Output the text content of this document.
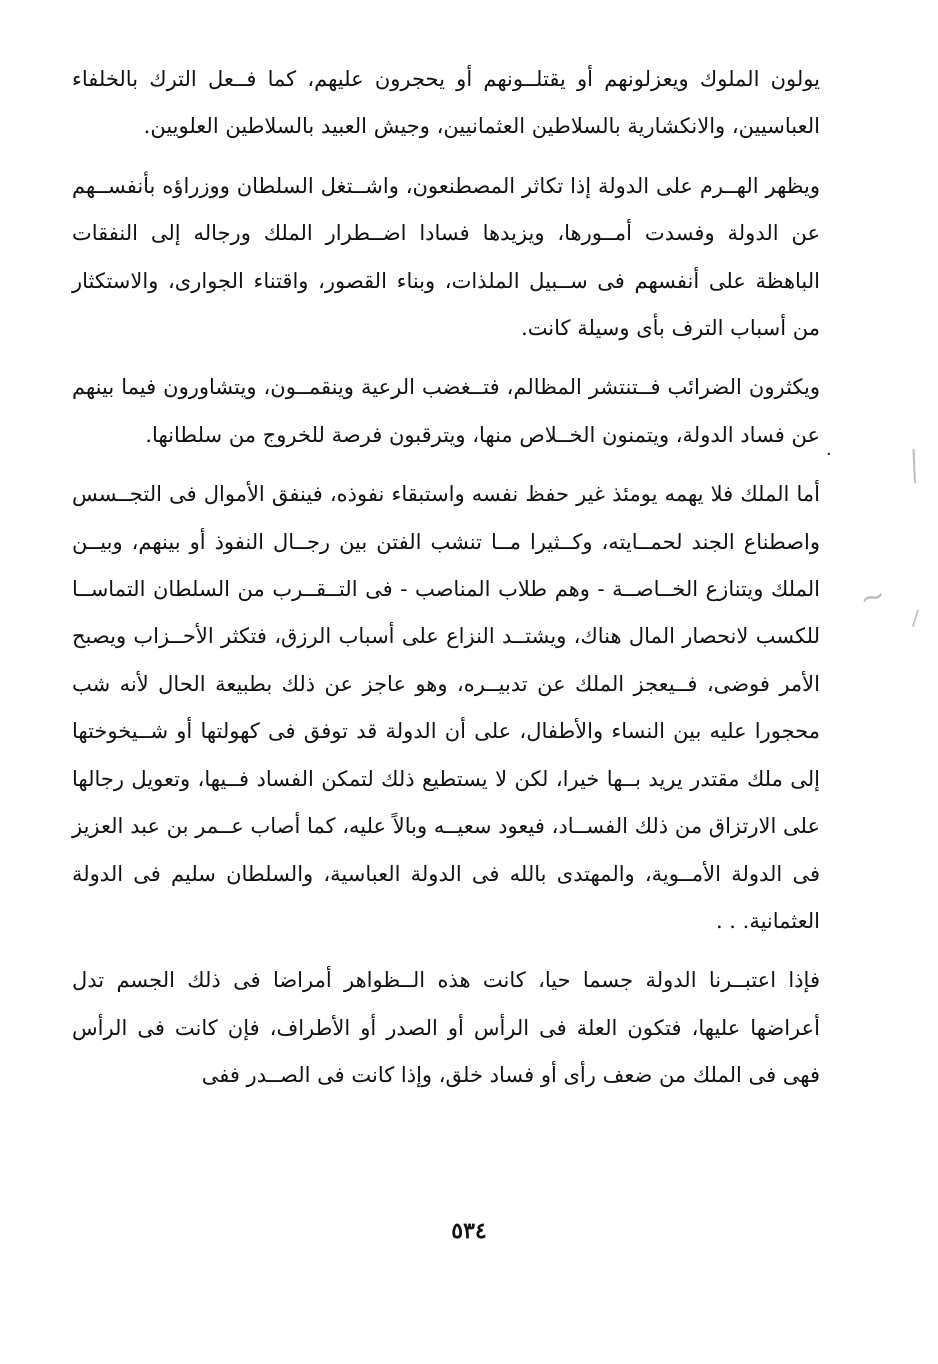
يولون الملوك ويعزلونهم أو يقتلــونهم أو يحجرون عليهم، كما فــعل الترك بالخلفاء العباسيين، والانكشارية بالسلاطين العثمانيين، وجيش العبيد بالسلاطين العلويين.

ويظهر الهــرم على الدولة إذا تكاثر المصطنعون، واشــتغل السلطان ووزراؤه بأنفســهم عن الدولة وفسدت أمــورها، ويزيدها فسادا اضــطرار الملك ورجاله إلى النفقات الباهظة على أنفسهم فى ســبيل الملذات، وبناء القصور، واقتناء الجوارى، والاستكثار من أسباب الترف بأى وسيلة كانت.

ويكثرون الضرائب فــتنتشر المظالم، فتــغضب الرعية وينقمــون، ويتشاورون فيما بينهم عن فساد الدولة، ويتمنون الخــلاص منها، ويترقبون فرصة للخروج من سلطانها.

أما الملك فلا يهمه يومئذ غير حفظ نفسه واستبقاء نفوذه، فينفق الأموال فى التجــسس واصطناع الجند لحمــايته، وكــثيرا مــا تنشب الفتن بين رجــال النفوذ أو بينهم، وبيــن الملك ويتنازع الخــاصــة - وهم طلاب المناصب - فى التــقــرب من السلطان التماســا للكسب لانحصار المال هناك، ويشتــد النزاع على أسباب الرزق، فتكثر الأحــزاب ويصبح الأمر فوضى، فــيعجز الملك عن تدبيــره، وهو عاجز عن ذلك بطبيعة الحال لأنه شب محجورا عليه بين النساء والأطفال، على أن الدولة قد توفق فى كهولتها أو شــيخوختها إلى ملك مقتدر يريد بــها خيرا، لكن لا يستطيع ذلك لتمكن الفساد فــيها، وتعويل رجالها على الارتزاق من ذلك الفســاد، فيعود سعيــه وبالاً عليه، كما أصاب عــمر بن عبد العزيز فى الدولة الأمــوية، والمهتدى بالله فى الدولة العباسية، والسلطان سليم فى الدولة العثمانية. . .

فإذا اعتبــرنا الدولة جسما حيا، كانت هذه الــظواهر أمراضا فى ذلك الجسم تدل أعراضها عليها، فتكون العلة فى الرأس أو الصدر أو الأطراف، فإن كانت فى الرأس فهى فى الملك من ضعف رأى أو فساد خلق، وإذا كانت فى الصــدر ففى

·	╲
~
/
٥٣٤
